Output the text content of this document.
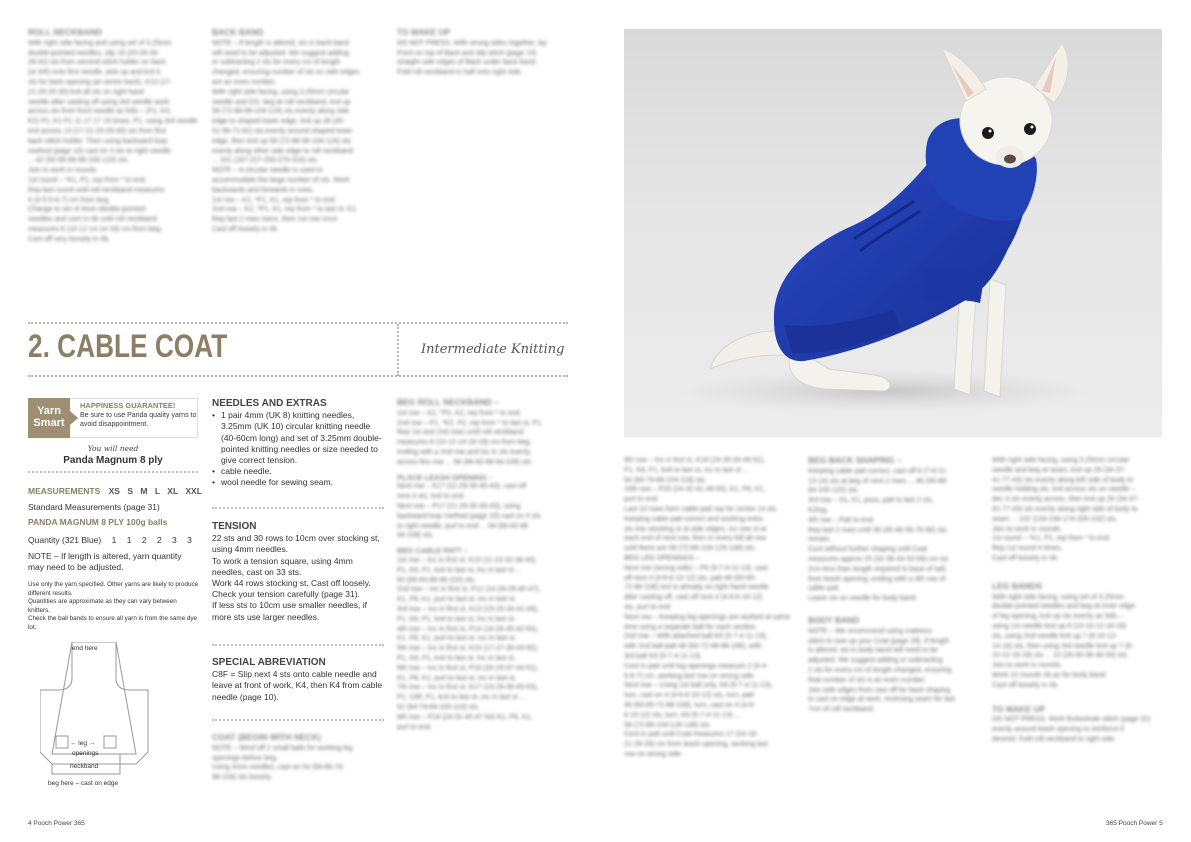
ROLL NECKBAND

With right side facing and using set of 3.25mm

double-pointed needles, slip 16 (20-26-26-

28-42) sts from second stitch holder on back

(or left) onto first needle, pick up and knit 6

sts for back opening (at centre back), K13 (17-

21-25-25-30) knit all sts on right hand

needle after casting off using 3rd needle work

across sts from front needle as folls – (P1, K3,

K2) P1, K1 P1 11 17 17 19 times. P1, using 3rd needle

knit across 13 (17-21-25-25-30) sts from first

back stitch holder. Then using backward loop

method (page 10) cast on 3 sts to right needle

... 42 (50-56-66-88-100-120) sts.

Join to work in rounds.

1st round – *K1, P1, rep from * to end.

Rep last round until roll neckband measures

4 (4-5-5-6-7) cm from beg.

Change to set of 4mm double-pointed

needles and cont in rib until roll neckband

measures 8 (10-12-14-14-16) cm from beg.

Cast off very loosely in rib.

BACK BAND

NOTE – If length is altered, sts in back band

will need to be adjusted. We suggest adding

or subtracting 2 sts for every cm of length

changed, ensuring number of sts on side edges

are an even number.

With right side facing, using 3.25mm circular

needle and CO, beg at roll neckband, knit up

56 (72-88-96-104-124) sts evenly along side

edge to shaped lower edge, knit up 39 (40-

51-56-71-81) sts evenly around shaped lower

edge, then knit up 56 (72-88-96-104-124) sts

evenly along other side edge to roll neckband

... 151 (187-227-255-279-316) sts.

NOTE – A circular needle is used to

accommodate the large number of sts. Work

backwards and forwards in rows.

1st row – K1, *P1, K1, rep from * to end.

2nd row – K2, *P1, K1, rep from * to last st, K1.

Rep last 2 rows twice, then 1st row once.

Cast off loosely in rib.

TO MAKE UP

DO NOT PRESS. With wrong sides together, lay

Front on top of Back and slip stitch (page 10)

straight side edges of Back under back band.

Fold roll neckband in half onto right side.

2. CABLE COAT	Intermediate Knitting
Yarn
Smart
HAPPINESS GUARANTEE!
Be sure to use Panda quality yarns to avoid disappointment.
You will need
Panda Magnum 8 ply
MEASUREMENTS XS S M L XL XXL
Standard Measurements (page 31)
PANDA MAGNUM 8 PLY 100g balls
Quantity (321 Blue) 1 1 2 2 3 3
NOTE – If length is altered, yarn quantity may need to be adjusted.
Use only the yarn specified. Other yarns are likely to produce different results.
Quantities are approximate as they can vary between knitters.
Check the ball bands to ensure all yarn is from the same dye lot.
end here
← leg →
openings
neckband
beg here – cast on edge
NEEDLES AND EXTRAS
• 1 pair 4mm (UK 8) knitting needles, 3.25mm (UK 10) circular knitting needle (40-60cm long) and set of 3.25mm double-pointed knitting needles or size needed to give correct tension.
• cable needle.
• wool needle for sewing seam.
TENSION
22 sts and 30 rows to 10cm over stocking st, using 4mm needles.
To work a tension square, using 4mm needles, cast on 33 sts.
Work 44 rows stocking st. Cast off loosely.
Check your tension carefully (page 31).
If less sts to 10cm use smaller needles, if more sts use larger needles.
SPECIAL ABREVIATION
C8F = Slip next 4 sts onto cable needle and leave at front of work, K4, then K4 from cable needle (page 10).
COAT (BEGIN WITH NECK)

NOTE – Wind off 2 small balls for working leg

openings before beg.

Using 4mm needles, cast on 54 (66-86-76-

98-104) sts loosely.

BEG ROLL NECKBAND –

1st row – K2, *P2, K2, rep from * to end.

2nd row – P1, *K2, P2, rep from * to last st, P1.

Rep 1st and 2nd rows until roll neckband

measures 8 (10-12-14-16-18) cm from beg,

ending with a 2nd row and inc in sts evenly

across this row ... 58 (66-82-86-94-108) sts.

PLACE LEASH OPENING –

Next row – K17 (21-29-30-40-43), cast off

next 4 sts, knit to end.

Next row – P17 (21-29-30-40-43), using

backward loop method (page 10) cast on 4 sts

to right needle, purl to end ... 58 (66-82-86

94-108) sts.

BEG CABLE PATT –

1st row – Inc in first st, K10 (11-23-32-38-40),

P1, K8, P1, knit to last st, inc in last st ...

60 (68-84-88-96-110) sts.

2nd row – Inc in first st, P12 (14-29-29-40-47),

K1, P8, K1, purl to last st, inc in last st.

3rd row – Inc in first st, K13 (15-25-34-41-49),

P1, K8, P1, knit to last st, inc in last st.

4th row – Inc in first st, P14 (16-26-35-42-50),

K1, P8, K1, purl to last st, inc in last st.

5th row – Inc in first st, K15 (17-27-36-43-50),

P1, K8, P1, knit to last st, inc in last st.

6th row – Inc in first st, P16 (20-29-37-44-51),

K1, P8, K1, purl to last st, inc in last st.

7th row – Inc in first st, K17 (23-29-36-45-53),

P1, C8F, P1, knit to last st, inc in last st ...

52 (64-79-84-100-116) sts.

8th row – P18 (24-31-40-47-54) K1, P8, K1,

purl to end.

4 Pooch Power 365	365 Pooch Power 5

9th row – Inc in first st, K18 (24-30-34-46-52),

P1, K8, P1, knit to last st, inc in last st ...

54 (66-79-86-104-118) sts.

10th row – P20 (24-32-41-48-55), K1, P8, K1,

purl to end.

Last 10 rows form cable patt rep for centre 14 sts.

Keeping cable patt correct and working extra

sts into stocking st at side edges, inc one st at

each end of next row, then in every foll alt row

until there are 58 (72-86-104-126-148) sts.

BEG LEG OPENINGS –

Next row (wrong side) – P6 (5-7-4-11-13), cast

off next 4 (4-6-6-10-12) sts, patt 46 (60-80-

72-88-108) incl st already on right hand needle

after casting off, cast off next 4 (4-6-6-10-12)

sts, purl to end.

Next row – Keeping leg openings are worked at same

time using a separate ball for each section.

2nd row – With attached ball K6 (5-7-4-11-13),

with 2nd ball patt 48 (60-72-98-88-108), with

3rd ball K6 (5-7-4-11-13).

Cont in patt until leg openings measure 2 (4-4-

6-8-7) cm, working last row on wrong side.

Next row – Using 1st ball only, K6 (5-7-4-11-13),

turn, cast on 4 (4-6-6-10-12) sts, turn, patt

46 (60-80-72-88-108), turn, cast on 4 (4-6-

6-10-12) sts, turn, K6 (5-7-4-11-13) ...

58 (72-86-104-126-148) sts.

Cont in patt until Coat measures 17 (24-18-

21-28-26) cm from leash opening, working last

row on wrong side.

BEG BACK SHAPING –

Keeping cable patt correct, cast off 6 (7-8-11-

13-14) sts at beg of next 2 rows ... 46 (58-68-

84-100-120) sts.

3rd row – S1, K1, psso, patt to last 2 sts,

K2tog.

4th row – Patt to end.

Rep last 2 rows until 36 (40-46-56-76-90) sts

remain.

Cont without further shaping until Coat

measures approx 25 (32-36-43-53-56) cm (or

2cm less than length required to base of tail)

from leash opening, ending with a 4th row of

cable patt.

Leave sts on needle for body band.

BODY BAND

NOTE – We recommend using mattress

stitch to sew up your Coat (page 29). If length

is altered, sts in body band will need to be

adjusted. We suggest adding or subtracting

2 sts for every cm of length changed, ensuring

final number of sts is an even number.

Join side edges from cast off for back shaping

to cast on edge at neck, reversing seam for last

7cm of roll neckband.

With right side facing, using 3.25mm circular

needle and beg at seam, knit up 26 (34-37-

41-77-43) sts evenly along left side of body to

needle holding sts, knit across sts on needle –

dec 4 sts evenly across, then knit up 26 (34-37-

41-77-43) sts evenly along right side of body to

seam ... 102 (134-158-174-205-232) sts.

Join to work in rounds.

1st round – *K1, P1, rep from * to end.

Rep 1st round 4 times.

Cast off loosely in rib.

LEG BANDS

With right side facing, using set of 3.25mm

double-pointed needles and beg at inner edge

of leg opening, knit up sts evenly as folls –

using 1st needle knit up 8 (10-10-12-16-18)

sts, using 2nd needle knit up 7 (8-10-12-

14-16) sts, then using 3rd needle knit up 7 (8-

10-12-16-18) sts ... 22 (26-30-36-46-54) sts.

Join to work in rounds.

Work 10 rounds rib as for body band.

Cast off loosely in rib.

TO MAKE UP

DO NOT PRESS. Work Buttonhole stitch (page 31)

evenly around leash opening to reinforce if

desired. Fold roll neckband to right side.
